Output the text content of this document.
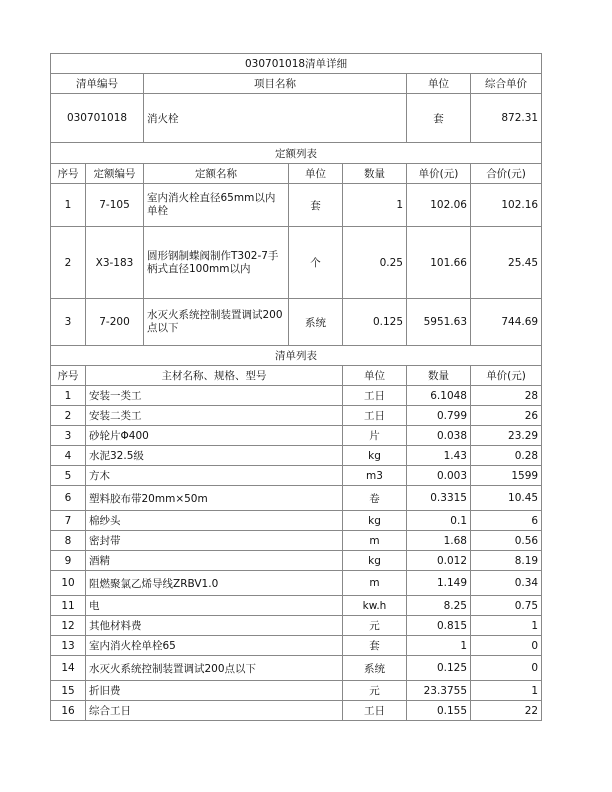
030701018清单详细							
清单编号		项目名称			单位	综合单价	
030701018		消火栓			套	872.31	
定额列表							
序号	定额编号	定额名称	单位	数量	单价(元)	合价(元)	
1	7-105	室内消火栓直径65mm以内单栓	套	1	102.06	102.16	
2	X3-183	圆形钢制蝶阀制作T302-7手柄式直径100mm以内	个	0.25	101.66	25.45	
3	7-200	水灭火系统控制装置调试200点以下	系统	0.125	5951.63	744.69	
清单列表							
序号	主材名称、规格、型号			单位	数量	单价(元)	
1	安装一类工			工日	6.1048	28	
2	安装二类工			工日	0.799	26	
3	砂轮片Φ400			片	0.038	23.29	
4	水泥32.5级			kg	1.43	0.28	
5	方木			m3	0.003	1599	
6	塑料胶布带20mm×50m			卷	0.3315	10.45	
7	棉纱头			kg	0.1	6	
8	密封带			m	1.68	0.56	
9	酒精			kg	0.012	8.19	
10	阻燃聚氯乙烯导线ZRBV1.0			m	1.149	0.34	
11	电			kw.h	8.25	0.75	
12	其他材料费			元	0.815	1	
13	室内消火栓单栓65			套	1	0	
14	水灭火系统控制装置调试200点以下			系统	0.125	0	
15	折旧费			元	23.3755	1	
16	综合工日			工日	0.155	22	
